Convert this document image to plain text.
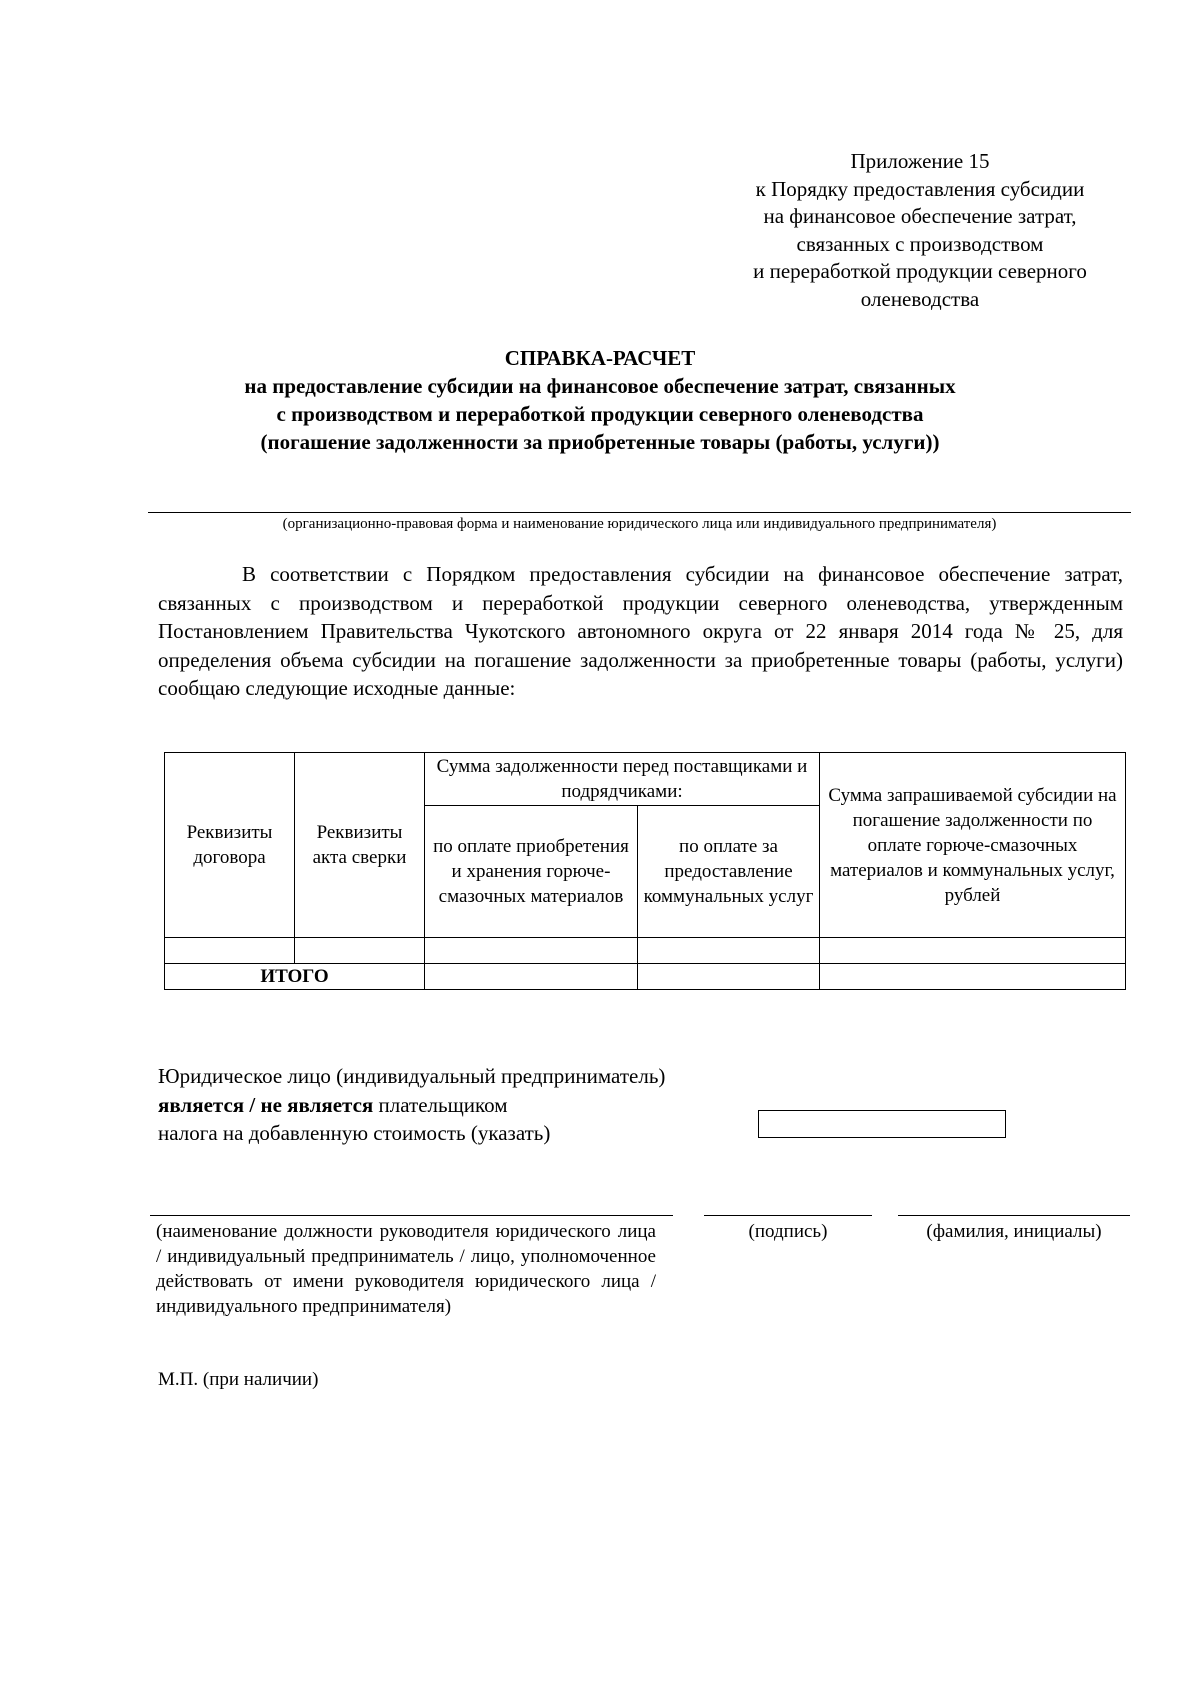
Приложение 15
к Порядку предоставления субсидии
на финансовое обеспечение затрат,
связанных с производством
и переработкой продукции северного
оленеводства
СПРАВКА-РАСЧЕТ
на предоставление субсидии на финансовое обеспечение затрат, связанных
с производством и переработкой продукции северного оленеводства
(погашение задолженности за приобретенные товары (работы, услуги))
(организационно-правовая форма и наименование юридического лица или индивидуального предпринимателя)
В соответствии с Порядком предоставления субсидии на финансовое обеспечение затрат, связанных с производством и переработкой продукции северного оленеводства, утвержденным Постановлением Правительства Чукотского автономного округа от 22 января 2014 года № 25, для определения объема субсидии на погашение задолженности за приобретенные товары (работы, услуги) сообщаю следующие исходные данные:
Реквизиты договора	Реквизиты акта сверки	Сумма задолженности перед поставщиками и подрядчиками:		Сумма запрашиваемой субсидии на погашение задолженности по оплате горюче-смазочных материалов и коммунальных услуг, рублей
		по оплате приобретения и хранения горюче-смазочных материалов	по оплате за предоставление коммунальных услуг	

ИТОГО				
Юридическое лицо (индивидуальный предприниматель)
является / не является плательщиком
налога на добавленную стоимость (указать)
(наименование должности руководителя юридического лица / индивидуальный предприниматель / лицо, уполномоченное действовать от имени руководителя юридического лица / индивидуального предпринимателя)
(подпись)	(фамилия, инициалы)
М.П. (при наличии)
